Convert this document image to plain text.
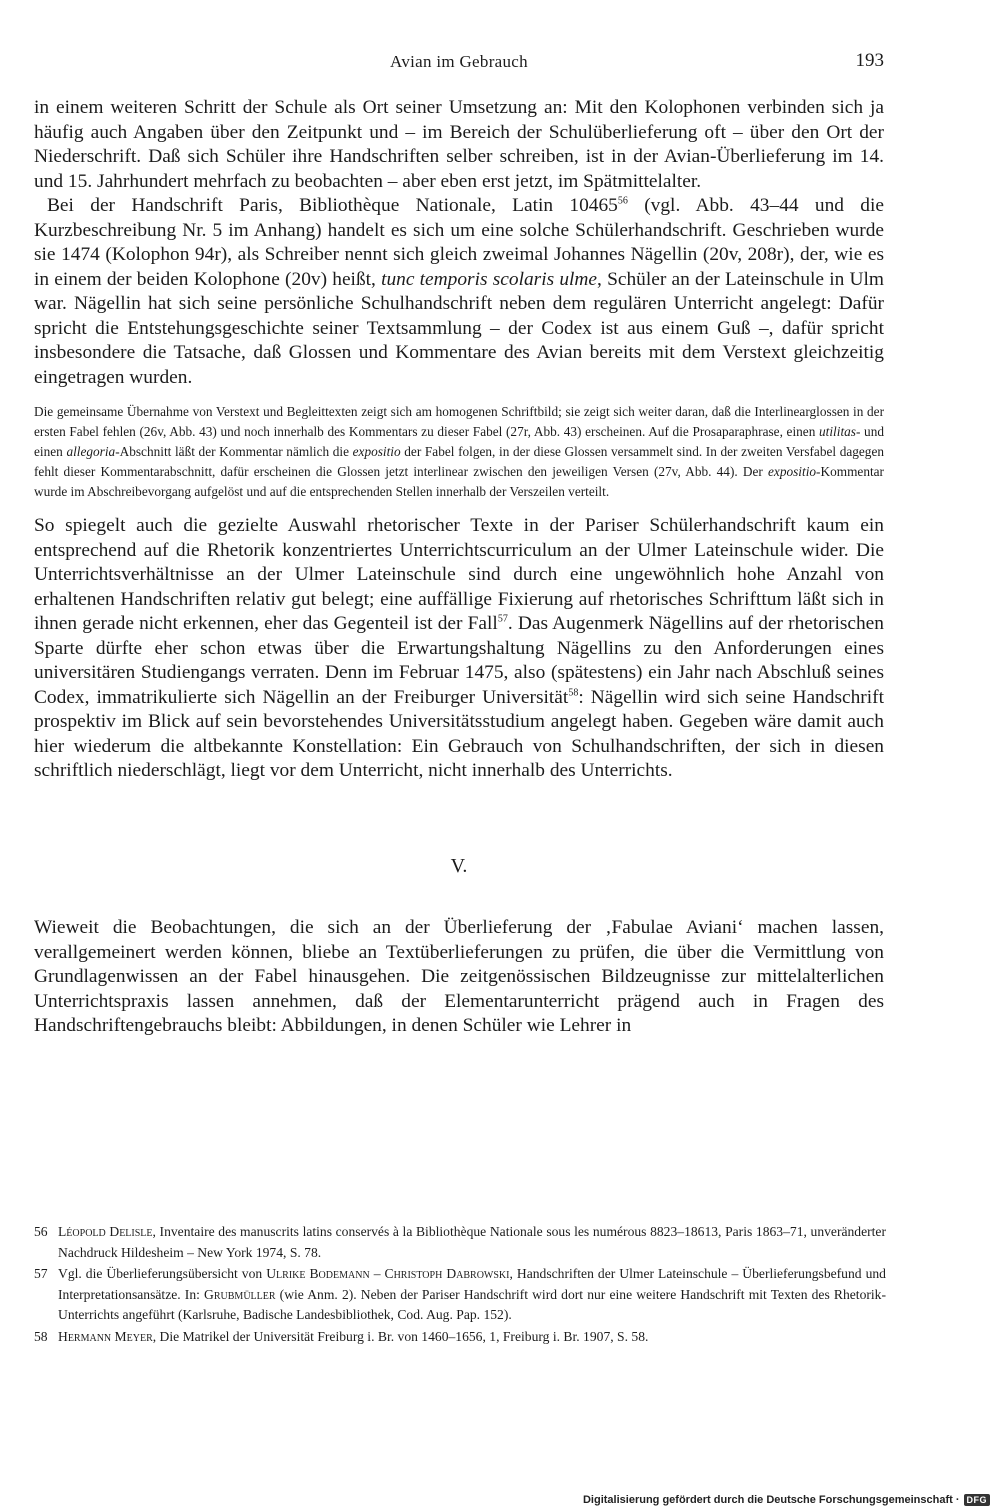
Avian im Gebrauch	193

in einem weiteren Schritt der Schule als Ort seiner Umsetzung an: Mit den Kolophonen verbinden sich ja häufig auch Angaben über den Zeitpunkt und – im Bereich der Schulüberlieferung oft – über den Ort der Niederschrift. Daß sich Schüler ihre Handschriften selber schreiben, ist in der Avian-Überlieferung im 14. und 15. Jahrhundert mehrfach zu beobachten – aber eben erst jetzt, im Spätmittelalter.

Bei der Handschrift Paris, Bibliothèque Nationale, Latin 10465$^{56}$ (vgl. Abb. 43–44 und die Kurzbeschreibung Nr. 5 im Anhang) handelt es sich um eine solche Schülerhandschrift. Geschrieben wurde sie 1474 (Kolophon 94r), als Schreiber nennt sich gleich zweimal Johannes Nägellin (20v, 208r), der, wie es in einem der beiden Kolophone (20v) heißt, tunc temporis scolaris ulme, Schüler an der Lateinschule in Ulm war. Nägellin hat sich seine persönliche Schulhandschrift neben dem regulären Unterricht angelegt: Dafür spricht die Entstehungsgeschichte seiner Textsammlung – der Codex ist aus einem Guß –, dafür spricht insbesondere die Tatsache, daß Glossen und Kommentare des Avian bereits mit dem Verstext gleichzeitig eingetragen wurden.

Die gemeinsame Übernahme von Verstext und Begleittexten zeigt sich am homogenen Schriftbild; sie zeigt sich weiter daran, daß die Interlinearglossen in der ersten Fabel fehlen (26v, Abb. 43) und noch innerhalb des Kommentars zu dieser Fabel (27r, Abb. 43) erscheinen. Auf die Prosaparaphrase, einen utilitas- und einen allegoria-Abschnitt läßt der Kommentar nämlich die expositio der Fabel folgen, in der diese Glossen versammelt sind. In der zweiten Versfabel dagegen fehlt dieser Kommentarabschnitt, dafür erscheinen die Glossen jetzt interlinear zwischen den jeweiligen Versen (27v, Abb. 44). Der expositio-Kommentar wurde im Abschreibevorgang aufgelöst und auf die entsprechenden Stellen innerhalb der Verszeilen verteilt.

So spiegelt auch die gezielte Auswahl rhetorischer Texte in der Pariser Schülerhandschrift kaum ein entsprechend auf die Rhetorik konzentriertes Unterrichtscurriculum an der Ulmer Lateinschule wider. Die Unterrichtsverhältnisse an der Ulmer Lateinschule sind durch eine ungewöhnlich hohe Anzahl von erhaltenen Handschriften relativ gut belegt; eine auffällige Fixierung auf rhetorisches Schrifttum läßt sich in ihnen gerade nicht erkennen, eher das Gegenteil ist der Fall$^{57}$. Das Augenmerk Nägellins auf der rhetorischen Sparte dürfte eher schon etwas über die Erwartungshaltung Nägellins zu den Anforderungen eines universitären Studiengangs verraten. Denn im Februar 1475, also (spätestens) ein Jahr nach Abschluß seines Codex, immatrikulierte sich Nägellin an der Freiburger Universität$^{58}$: Nägellin wird sich seine Handschrift prospektiv im Blick auf sein bevorstehendes Universitätsstudium angelegt haben. Gegeben wäre damit auch hier wiederum die altbekannte Konstellation: Ein Gebrauch von Schulhandschriften, der sich in diesen schriftlich niederschlägt, liegt vor dem Unterricht, nicht innerhalb des Unterrichts.

V.

Wieweit die Beobachtungen, die sich an der Überlieferung der ‚Fabulae Aviani‘ machen lassen, verallgemeinert werden können, bliebe an Textüberlieferungen zu prüfen, die über die Vermittlung von Grundlagenwissen an der Fabel hinausgehen. Die zeitgenössischen Bildzeugnisse zur mittelalterlichen Unterrichtspraxis lassen annehmen, daß der Elementarunterricht prägend auch in Fragen des Handschriftengebrauchs bleibt: Abbildungen, in denen Schüler wie Lehrer in

56 Léopold Delisle, Inventaire des manuscrits latins conservés à la Bibliothèque Nationale sous les numérous 8823–18613, Paris 1863–71, unveränderter Nachdruck Hildesheim – New York 1974, S. 78.
57 Vgl. die Überlieferungsübersicht von Ulrike Bodemann – Christoph Dabrowski, Handschriften der Ulmer Lateinschule – Überlieferungsbefund und Interpretationsansätze. In: Grubmüller (wie Anm. 2). Neben der Pariser Handschrift wird dort nur eine weitere Handschrift mit Texten des Rhetorik-Unterrichts angeführt (Karlsruhe, Badische Landesbibliothek, Cod. Aug. Pap. 152).
58 Hermann Meyer, Die Matrikel der Universität Freiburg i. Br. von 1460–1656, 1, Freiburg i. Br. 1907, S. 58.
Digitalisierung gefördert durch die Deutsche Forschungsgemeinschaft · DFG
